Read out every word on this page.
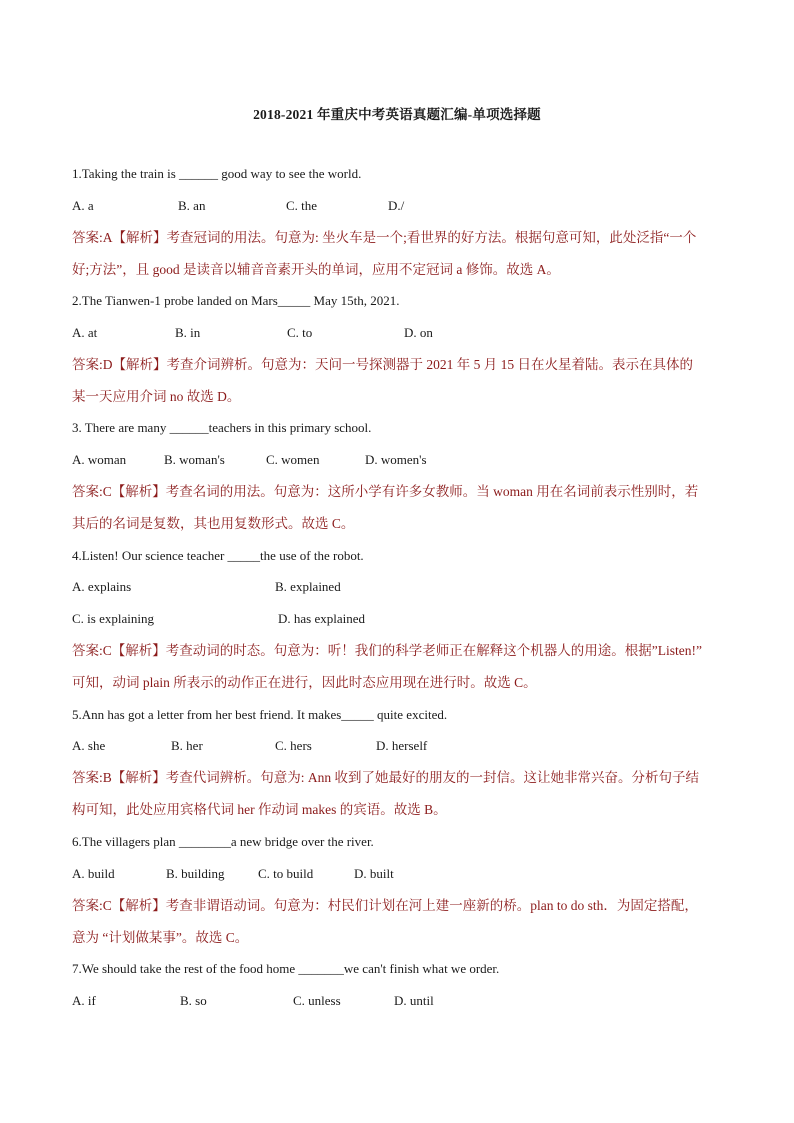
2018-2021 年重庆中考英语真题汇编-单项选择题
1.Taking the train is ______ good way to see the world.
A. a	B. an	C. the	D./
答案:A【解析】考查冠词的用法。句意为: 坐火车是一个;看世界的好方法。根据句意可知，此处泛指“一个
好;方法”，且 good 是读音以辅音音素开头的单词，应用不定冠词 a 修饰。故选 A。
2.The Tianwen-1 probe landed on Mars_____ May 15th, 2021.
A. at	B. in	C. to	D. on
答案:D【解析】考查介词辨析。句意为：天问一号探测器于 2021 年 5 月 15 日在火星着陆。表示在具体的
某一天应用介词 no 故选 D。
3. There are many ______teachers in this primary school.
A. woman	B. woman's	C. women	D. women's
答案:C【解析】考查名词的用法。句意为：这所小学有许多女教师。当 woman 用在名词前表示性别时，若
其后的名词是复数，其也用复数形式。故选 C。
4.Listen! Our science teacher _____the use of the robot.
A. explains	B. explained
C. is explaining	D. has explained
答案:C【解析】考查动词的时态。句意为：听！我们的科学老师正在解释这个机器人的用途。根据”Listen!”
可知，动词 plain 所表示的动作正在进行，因此时态应用现在进行时。故选 C。
5.Ann has got a letter from her best friend. It makes_____ quite excited.
A. she	B. her	C. hers	D. herself
答案:B【解析】考查代词辨析。句意为: Ann 收到了她最好的朋友的一封信。这让她非常兴奋。分析句子结
构可知，此处应用宾格代词 her 作动词 makes 的宾语。故选 B。
6.The villagers plan ________a new bridge over the river.
A. build	B. building	C. to build	D. built
答案:C【解析】考查非谓语动词。句意为：村民们计划在河上建一座新的桥。plan to do sth．为固定搭配，
意为 “计划做某事”。故选 C。
7.We should take the rest of the food home _______we can't finish what we order.
A. if	B. so	C. unless	D. until
